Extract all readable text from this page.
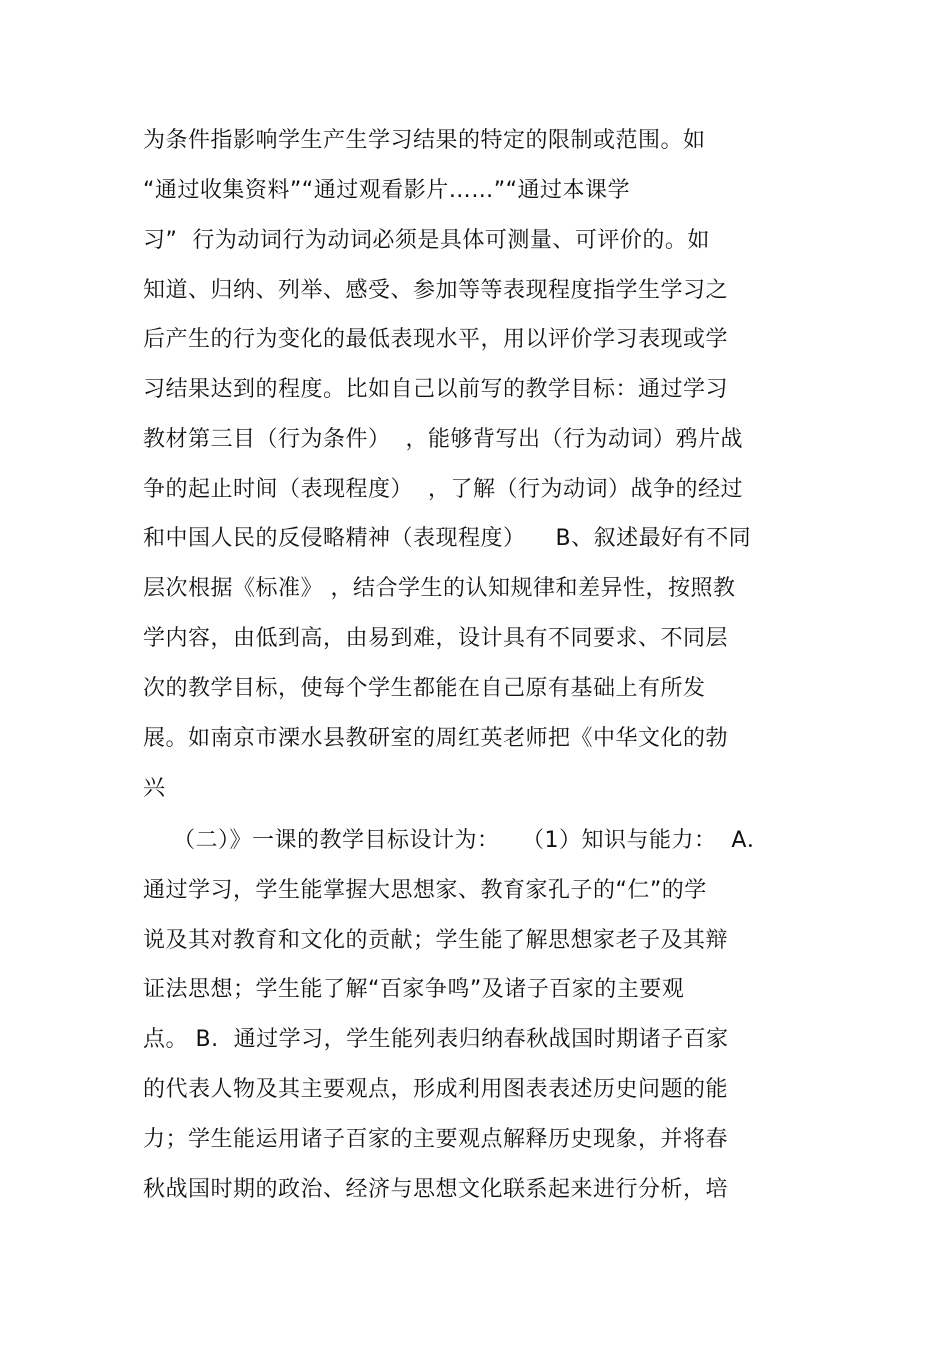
为条件指影响学生产生学习结果的特定的限制或范围。如
“通过收集资料”“通过观看影片……”“通过本课学
习”  行为动词行为动词必须是具体可测量、可评价的。如
知道、归纳、列举、感受、参加等等表现程度指学生学习之
后产生的行为变化的最低表现水平，用以评价学习表现或学
习结果达到的程度。比如自己以前写的教学目标：通过学习
教材第三目（行为条件）  ，能够背写出（行为动词）鸦片战
争的起止时间（表现程度）  ，了解（行为动词）战争的经过
和中国人民的反侵略精神（表现程度）    B、叙述最好有不同
层次根据《标准》 ，结合学生的认知规律和差异性，按照教
学内容，由低到高，由易到难，设计具有不同要求、不同层
次的教学目标，使每个学生都能在自己原有基础上有所发
展。如南京市溧水县教研室的周红英老师把《中华文化的勃
兴
（二）》一课的教学目标设计为：   （1）知识与能力：  A．
通过学习，学生能掌握大思想家、教育家孔子的“仁”的学
说及其对教育和文化的贡献；学生能了解思想家老子及其辩
证法思想；学生能了解“百家争鸣”及诸子百家的主要观
点。 B.  通过学习，学生能列表归纳春秋战国时期诸子百家
的代表人物及其主要观点，形成利用图表表述历史问题的能
力；学生能运用诸子百家的主要观点解释历史现象，并将春
秋战国时期的政治、经济与思想文化联系起来进行分析，培
